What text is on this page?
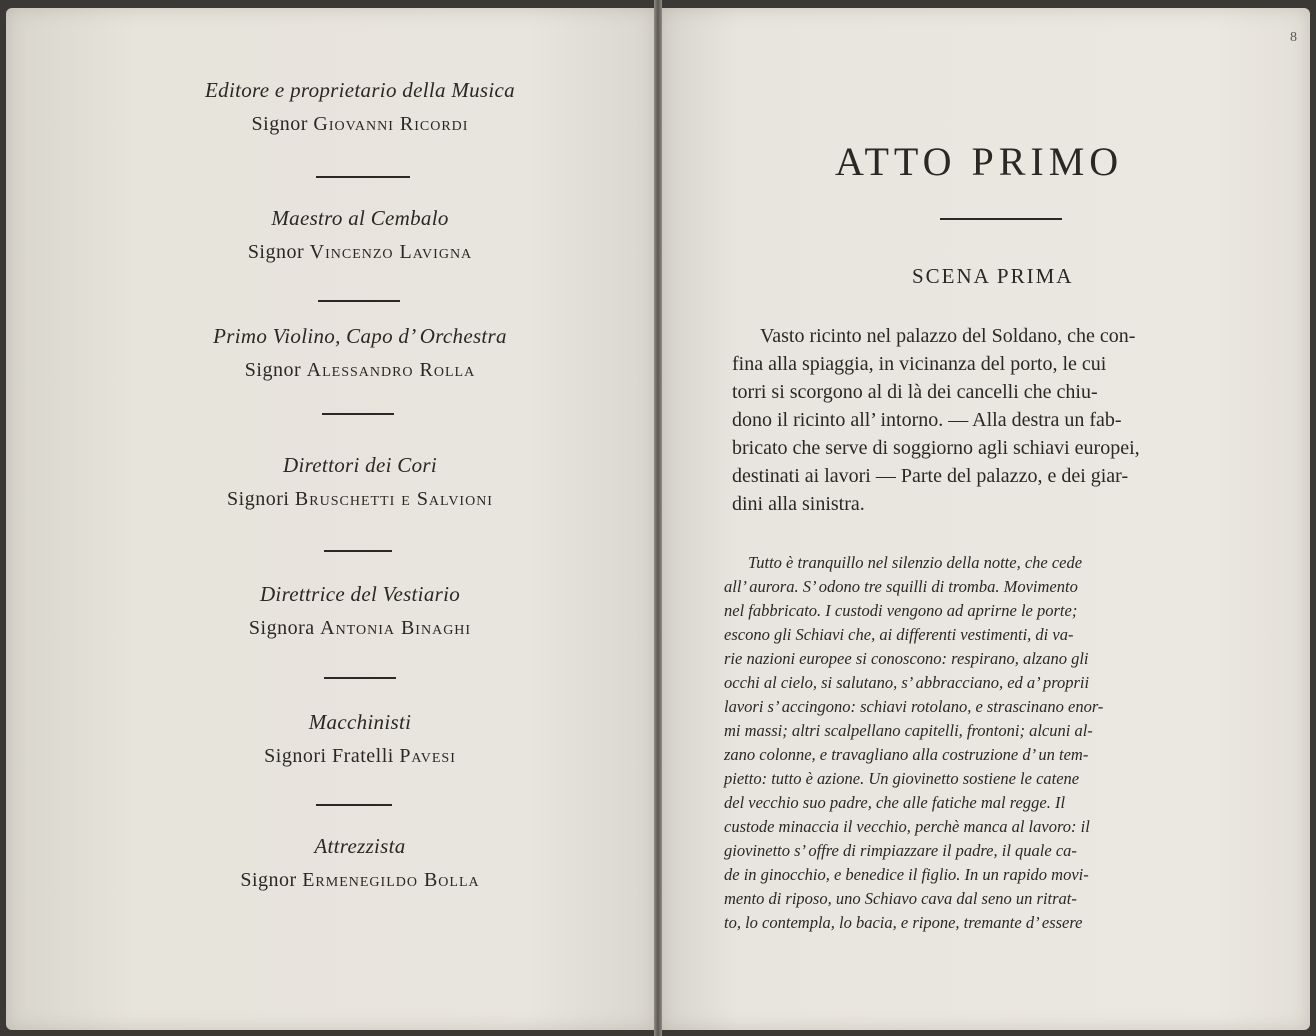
Editore e proprietario della Musica
Signor Giovanni Ricordi
Maestro al Cembalo
Signor Vincenzo Lavigna
Primo Violino, Capo d’ Orchestra
Signor Alessandro Rolla
Direttori dei Cori
Signori Bruschetti e Salvioni
Direttrice del Vestiario
Signora Antonia Binaghi
Macchinisti
Signori Fratelli Pavesi
Attrezzista
Signor Ermenegildo Bolla
8
ATTO PRIMO
SCENA PRIMA
Vasto ricinto nel palazzo del Soldano, che con-
fina alla spiaggia, in vicinanza del porto, le cui
torri si scorgono al di là dei cancelli che chiu-
dono il ricinto all’ intorno. — Alla destra un fab-
bricato che serve di soggiorno agli schiavi europei,
destinati ai lavori — Parte del palazzo, e dei giar-
dini alla sinistra.
Tutto è tranquillo nel silenzio della notte, che cede
all’ aurora. S’ odono tre squilli di tromba. Movimento
nel fabbricato. I custodi vengono ad aprirne le porte;
escono gli Schiavi che, ai differenti vestimenti, di va-
rie nazioni europee si conoscono: respirano, alzano gli
occhi al cielo, si salutano, s’ abbracciano, ed a’ proprii
lavori s’ accingono: schiavi rotolano, e strascinano enor-
mi massi; altri scalpellano capitelli, frontoni; alcuni al-
zano colonne, e travagliano alla costruzione d’ un tem-
pietto: tutto è azione. Un giovinetto sostiene le catene
del vecchio suo padre, che alle fatiche mal regge. Il
custode minaccia il vecchio, perchè manca al lavoro: il
giovinetto s’ offre di rimpiazzare il padre, il quale ca-
de in ginocchio, e benedice il figlio. In un rapido movi-
mento di riposo, uno Schiavo cava dal seno un ritrat-
to, lo contempla, lo bacia, e ripone, tremante d’ essere
